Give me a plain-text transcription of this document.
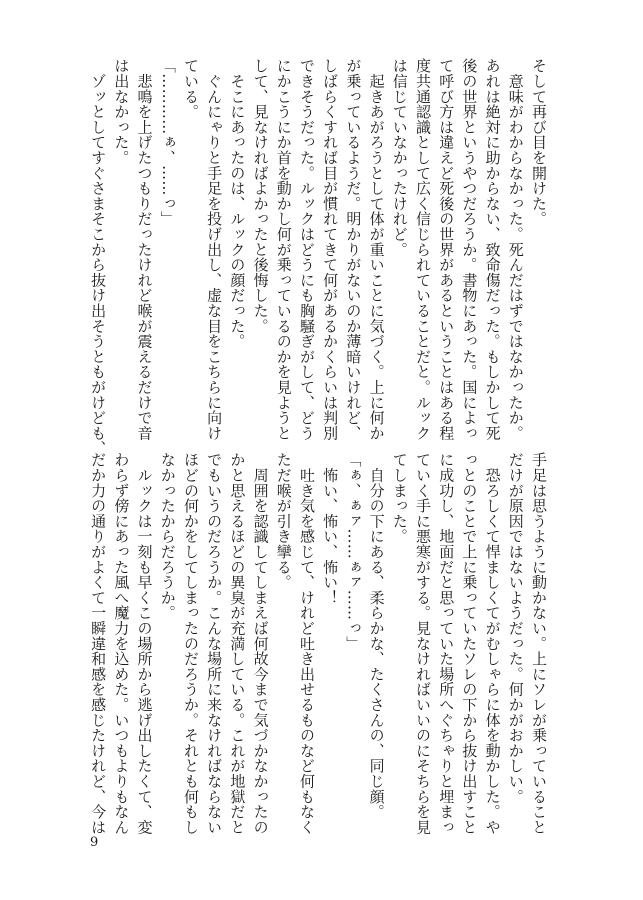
そして再び目を開けた。

　意味がわからなかった。死んだはずではなかったか。

あれは絶対に助からない、致命傷だった。もしかして死

後の世界というやつだろうか。書物にあった。国によっ

て呼び方は違えど死後の世界があるということはある程

度共通認識として広く信じられていることだと。ルック

は信じていなかったけれど。

　起きあがろうとして体が重いことに気づく。上に何か

が乗っているようだ。明かりがないのか薄暗いけれど、

しばらくすれば目が慣れてきて何があるかくらいは判別

できそうだった。ルックはどうにも胸騒ぎがして、どう

にかこうにか首を動かし何が乗っているのかを見ようと

して、見なければよかったと後悔した。

　そこにあったのは、ルックの顔だった。

　ぐんにゃりと手足を投げ出し、虚な目をこちらに向け

ている。

「…………ぁ、……っ」

　悲鳴を上げたつもりだったけれど喉が震えるだけで音

は出なかった。

　ゾッとしてすぐさまそこから抜け出そうともがけども、

手足は思うように動かない。上にソレが乗っていること

だけが原因ではないようだった。何かがおかしい。

　恐ろしくて悍ましくてがむしゃらに体を動かした。や

っとのことで上に乗っていたソレの下から抜け出すこと

に成功し、地面だと思っていた場所へぐちゃりと埋まっ

ていく手に悪寒がする。見なければいいのにそちらを見

てしまった。

　自分の下にある、柔らかな、たくさんの、同じ顔。

「ぁ、ぁァ……ぁァ……っ」

　怖い、怖い、怖い！

　吐き気を感じて、けれど吐き出せるものなど何もなく

ただ喉が引き攣る。

　周囲を認識してしまえば何故今まで気づかなかったの

かと思えるほどの異臭が充満している。これが地獄だと

でもいうのだろうか。こんな場所に来なければならない

ほどの何かをしてしまったのだろうか。それとも何もし

なかったからだろうか。

　ルックは一刻も早くこの場所から逃げ出したくて、変

わらず傍にあった風へ魔力を込めた。いつもよりもなん

だか力の通りがよくて一瞬違和感を感じたけれど、今は

9
